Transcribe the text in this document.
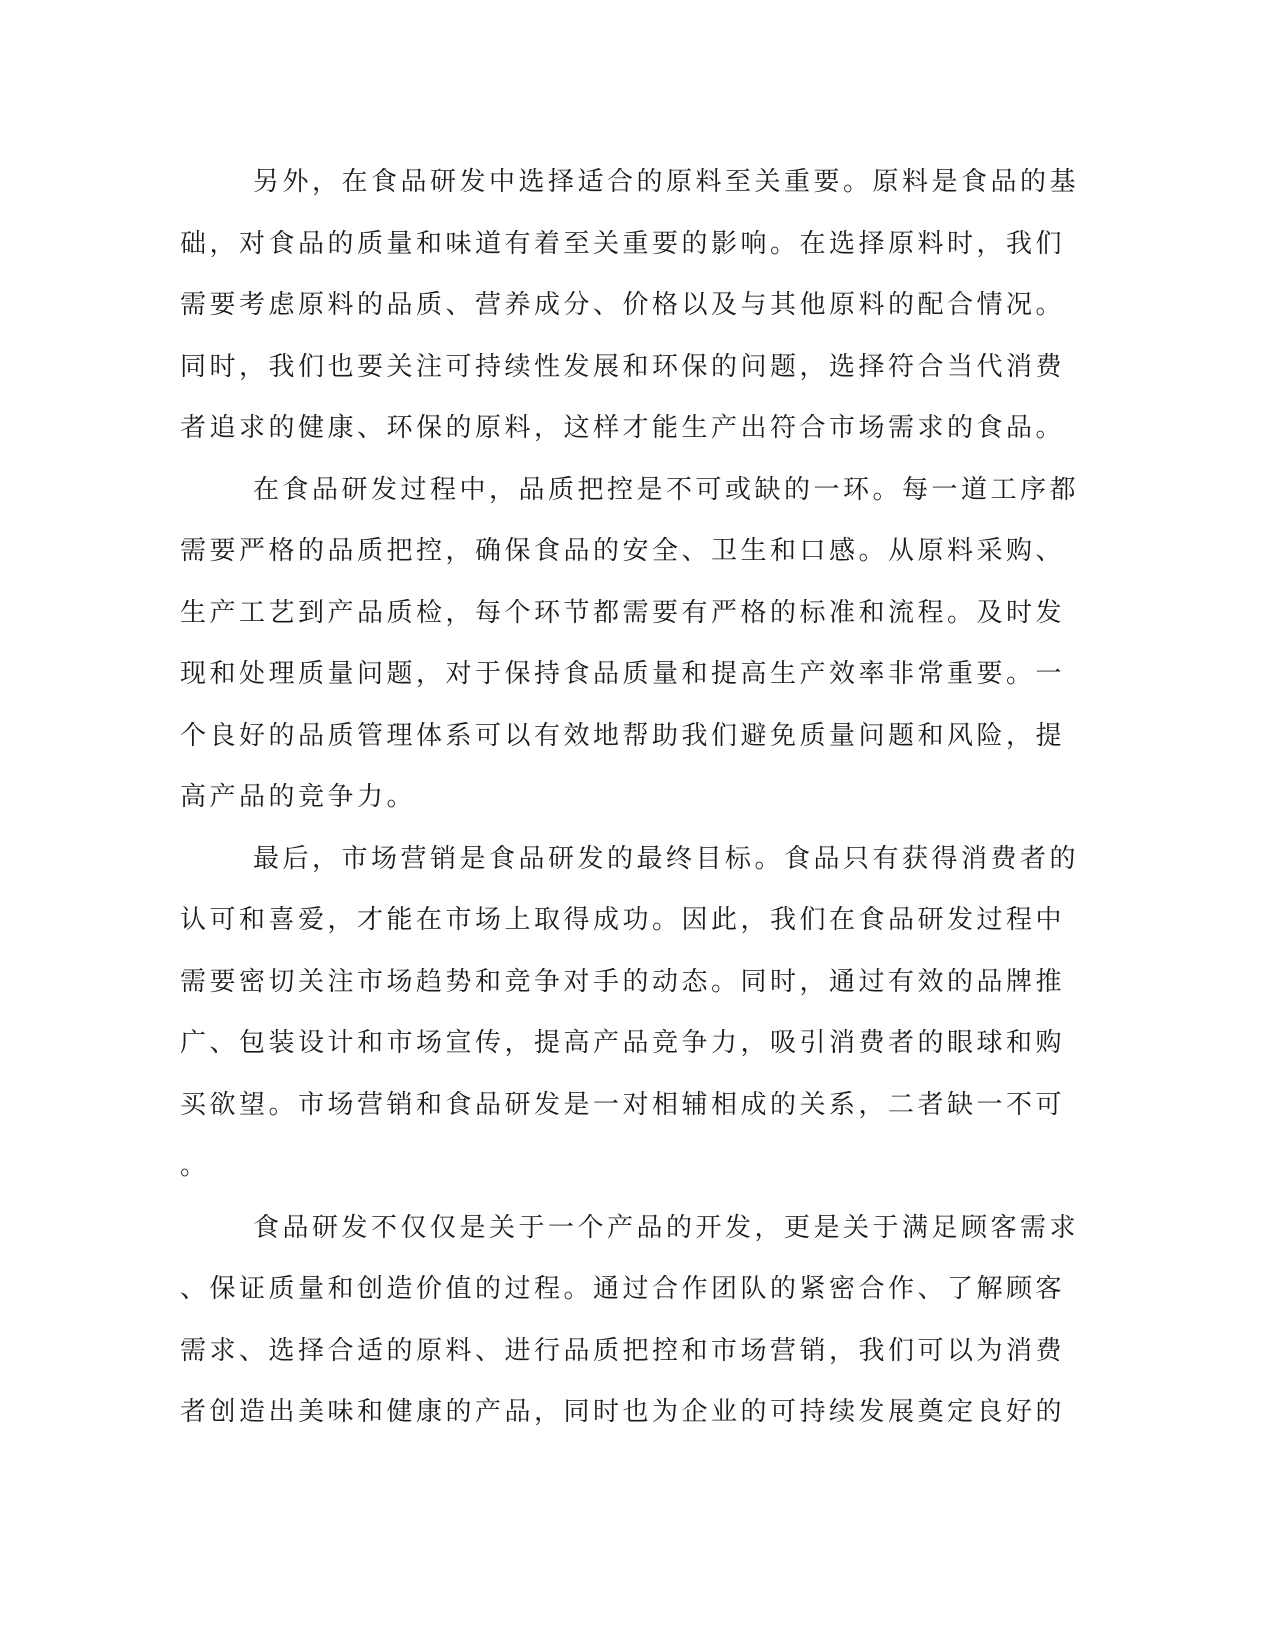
另外，在食品研发中选择适合的原料至关重要。原料是食品的基
础，对食品的质量和味道有着至关重要的影响。在选择原料时，我们
需要考虑原料的品质、营养成分、价格以及与其他原料的配合情况。
同时，我们也要关注可持续性发展和环保的问题，选择符合当代消费
者追求的健康、环保的原料，这样才能生产出符合市场需求的食品。
在食品研发过程中，品质把控是不可或缺的一环。每一道工序都
需要严格的品质把控，确保食品的安全、卫生和口感。从原料采购、
生产工艺到产品质检，每个环节都需要有严格的标准和流程。及时发
现和处理质量问题，对于保持食品质量和提高生产效率非常重要。一
个良好的品质管理体系可以有效地帮助我们避免质量问题和风险，提
高产品的竞争力。
最后，市场营销是食品研发的最终目标。食品只有获得消费者的
认可和喜爱，才能在市场上取得成功。因此，我们在食品研发过程中
需要密切关注市场趋势和竞争对手的动态。同时，通过有效的品牌推
广、包装设计和市场宣传，提高产品竞争力，吸引消费者的眼球和购
买欲望。市场营销和食品研发是一对相辅相成的关系，二者缺一不可
。
食品研发不仅仅是关于一个产品的开发，更是关于满足顾客需求
、保证质量和创造价值的过程。通过合作团队的紧密合作、了解顾客
需求、选择合适的原料、进行品质把控和市场营销，我们可以为消费
者创造出美味和健康的产品，同时也为企业的可持续发展奠定良好的
